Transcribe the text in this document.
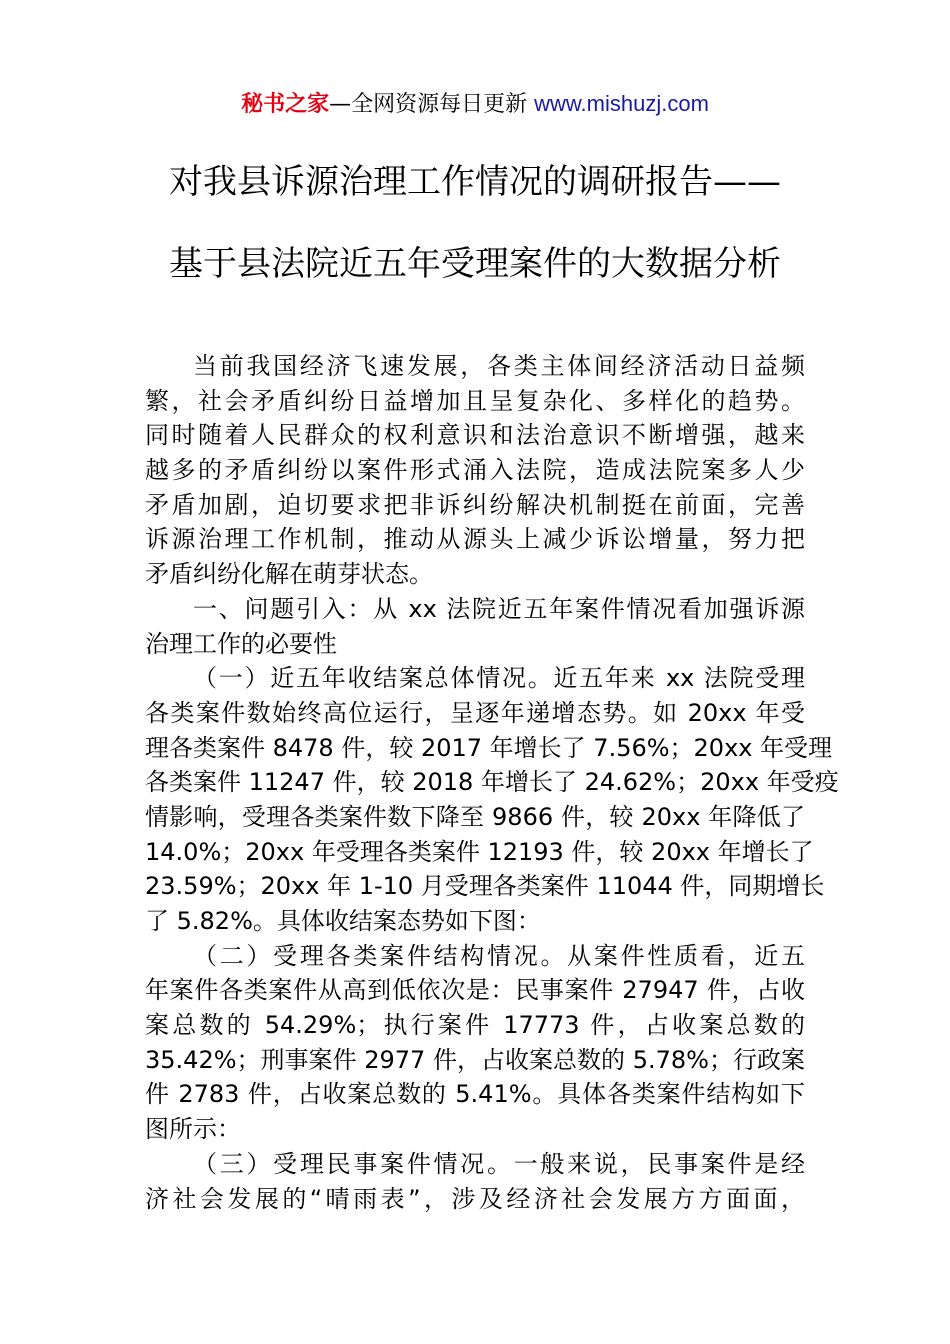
秘书之家—全网资源每日更新 www.mishuzj.com
对我县诉源治理工作情况的调研报告——
基于县法院近五年受理案件的大数据分析
当前我国经济飞速发展，各类主体间经济活动日益频
繁，社会矛盾纠纷日益增加且呈复杂化、多样化的趋势。
同时随着人民群众的权利意识和法治意识不断增强，越来
越多的矛盾纠纷以案件形式涌入法院，造成法院案多人少
矛盾加剧，迫切要求把非诉纠纷解决机制挺在前面，完善
诉源治理工作机制，推动从源头上减少诉讼增量，努力把
矛盾纠纷化解在萌芽状态。
一、问题引入：从 xx 法院近五年案件情况看加强诉源
治理工作的必要性
（一）近五年收结案总体情况。近五年来 xx 法院受理
各类案件数始终高位运行，呈逐年递增态势。如 20xx 年受
理各类案件 8478 件，较 2017 年增长了 7.56%；20xx 年受理
各类案件 11247 件，较 2018 年增长了 24.62%；20xx 年受疫
情影响，受理各类案件数下降至 9866 件，较 20xx 年降低了
14.0%；20xx 年受理各类案件 12193 件，较 20xx 年增长了
23.59%；20xx 年 1-10 月受理各类案件 11044 件，同期增长
了 5.82%。具体收结案态势如下图：
（二）受理各类案件结构情况。从案件性质看，近五
年案件各类案件从高到低依次是：民事案件 27947 件，占收
案总数的 54.29%；执行案件 17773 件，占收案总数的
35.42%；刑事案件 2977 件，占收案总数的 5.78%；行政案
件 2783 件，占收案总数的 5.41%。具体各类案件结构如下
图所示：
（三）受理民事案件情况。一般来说，民事案件是经
济社会发展的“晴雨表”，涉及经济社会发展方方面面，
